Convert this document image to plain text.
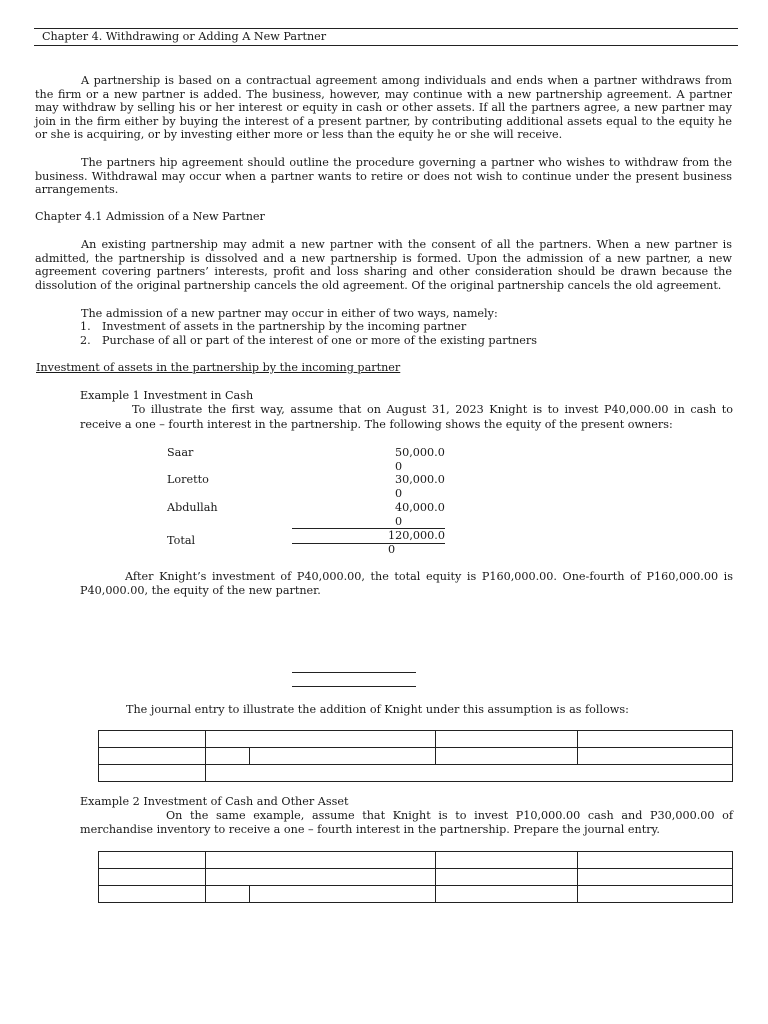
Chapter 4. Withdrawing or Adding A New Partner
A partnership is based on a contractual agreement among individuals and ends when a partner withdraws from the firm or a new partner is added. The business, however, may continue with a new partnership agreement. A partner may withdraw by selling his or her interest or equity in cash or other assets. If all the partners agree, a new partner may join in the firm either by buying the interest of a present partner, by contributing additional assets equal to the equity he or she is acquiring, or by investing either more or less than the equity he or she will receive.
The partners hip agreement should outline the procedure governing a partner who wishes to withdraw from the business. Withdrawal may occur when a partner wants to retire or does not wish to continue under the present business arrangements.
Chapter 4.1 Admission of a New Partner
An existing partnership may admit a new partner with the consent of all the partners. When a new partner is admitted, the partnership is dissolved and a new partnership is formed. Upon the admission of a new partner, a new agreement covering partners’ interests, profit and loss sharing and other consideration should be drawn because the dissolution of the original partnership cancels the old agreement. Of the original partnership cancels the old agreement.
The admission of a new partner may occur in either of two ways, namely:
1. Investment of assets in the partnership by the incoming partner
2. Purchase of all or part of the interest of one or more of the existing partners
Investment of assets in the partnership by the incoming partner
Example 1 Investment in Cash
To illustrate the first way, assume that on August 31, 2023 Knight is to invest P40,000.00 in cash to receive a one – fourth interest in the partnership. The following shows the equity of the present owners:
Saar	50,000.00
Loretto	30,000.00
Abdullah	40,000.00
Total	120,000.00
After Knight’s investment of P40,000.00, the total equity is P160,000.00. One-fourth of P160,000.00 is P40,000.00, the equity of the new partner.
The journal entry to illustrate the addition of Knight under this assumption is as follows:

Example 2 Investment of Cash and Other Asset
On the same example, assume that Knight is to invest P10,000.00 cash and P30,000.00 of merchandise inventory to receive a one – fourth interest in the partnership. Prepare the journal entry.
